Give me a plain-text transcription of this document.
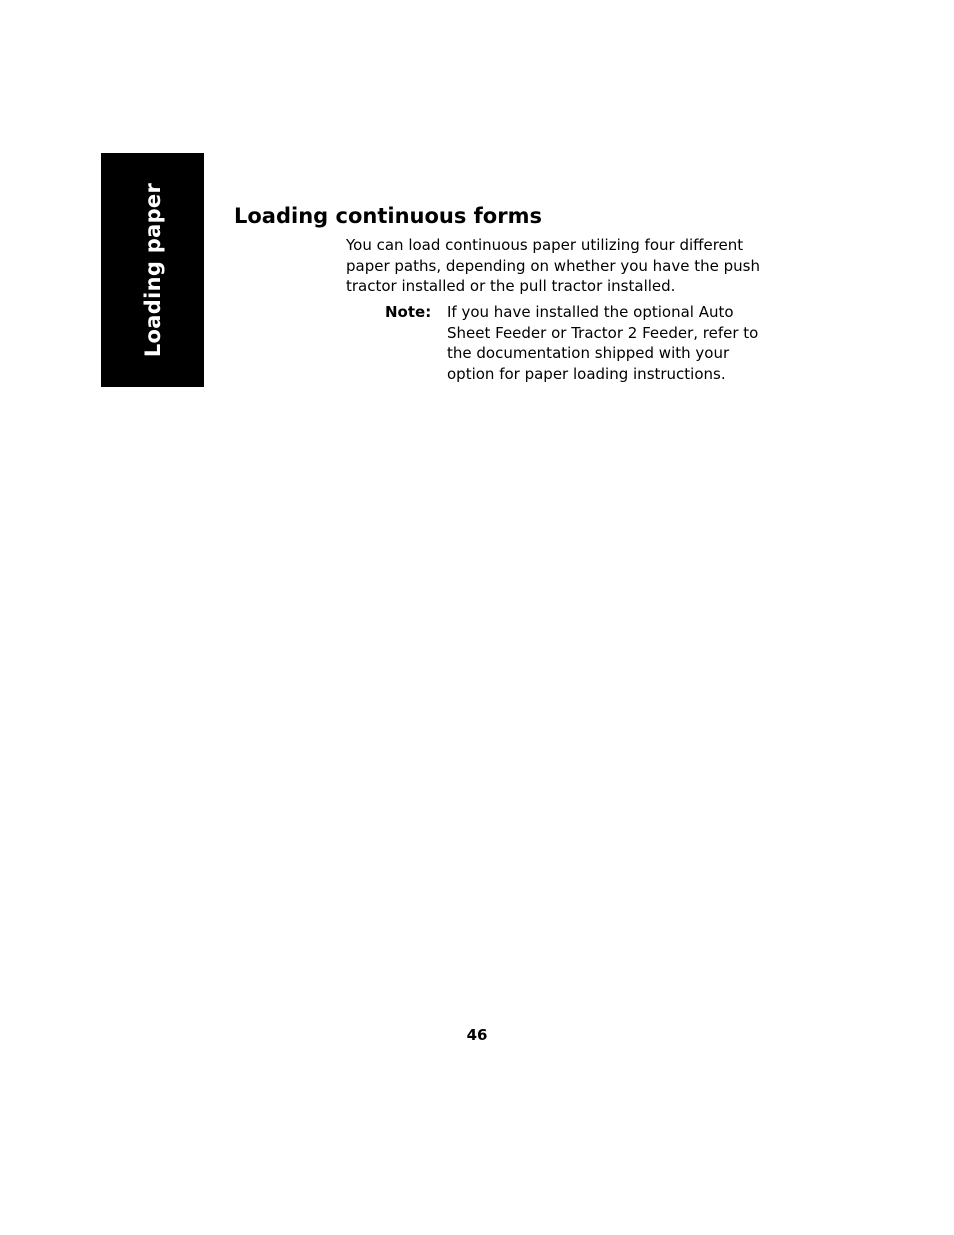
Loading paper	Loading continuous forms

You can load continuous paper utilizing four different paper paths, depending on whether you have the push tractor installed or the pull tractor installed.

Note: If you have installed the optional Auto Sheet Feeder or Tractor 2 Feeder, refer to the documentation shipped with your option for paper loading instructions.

46
